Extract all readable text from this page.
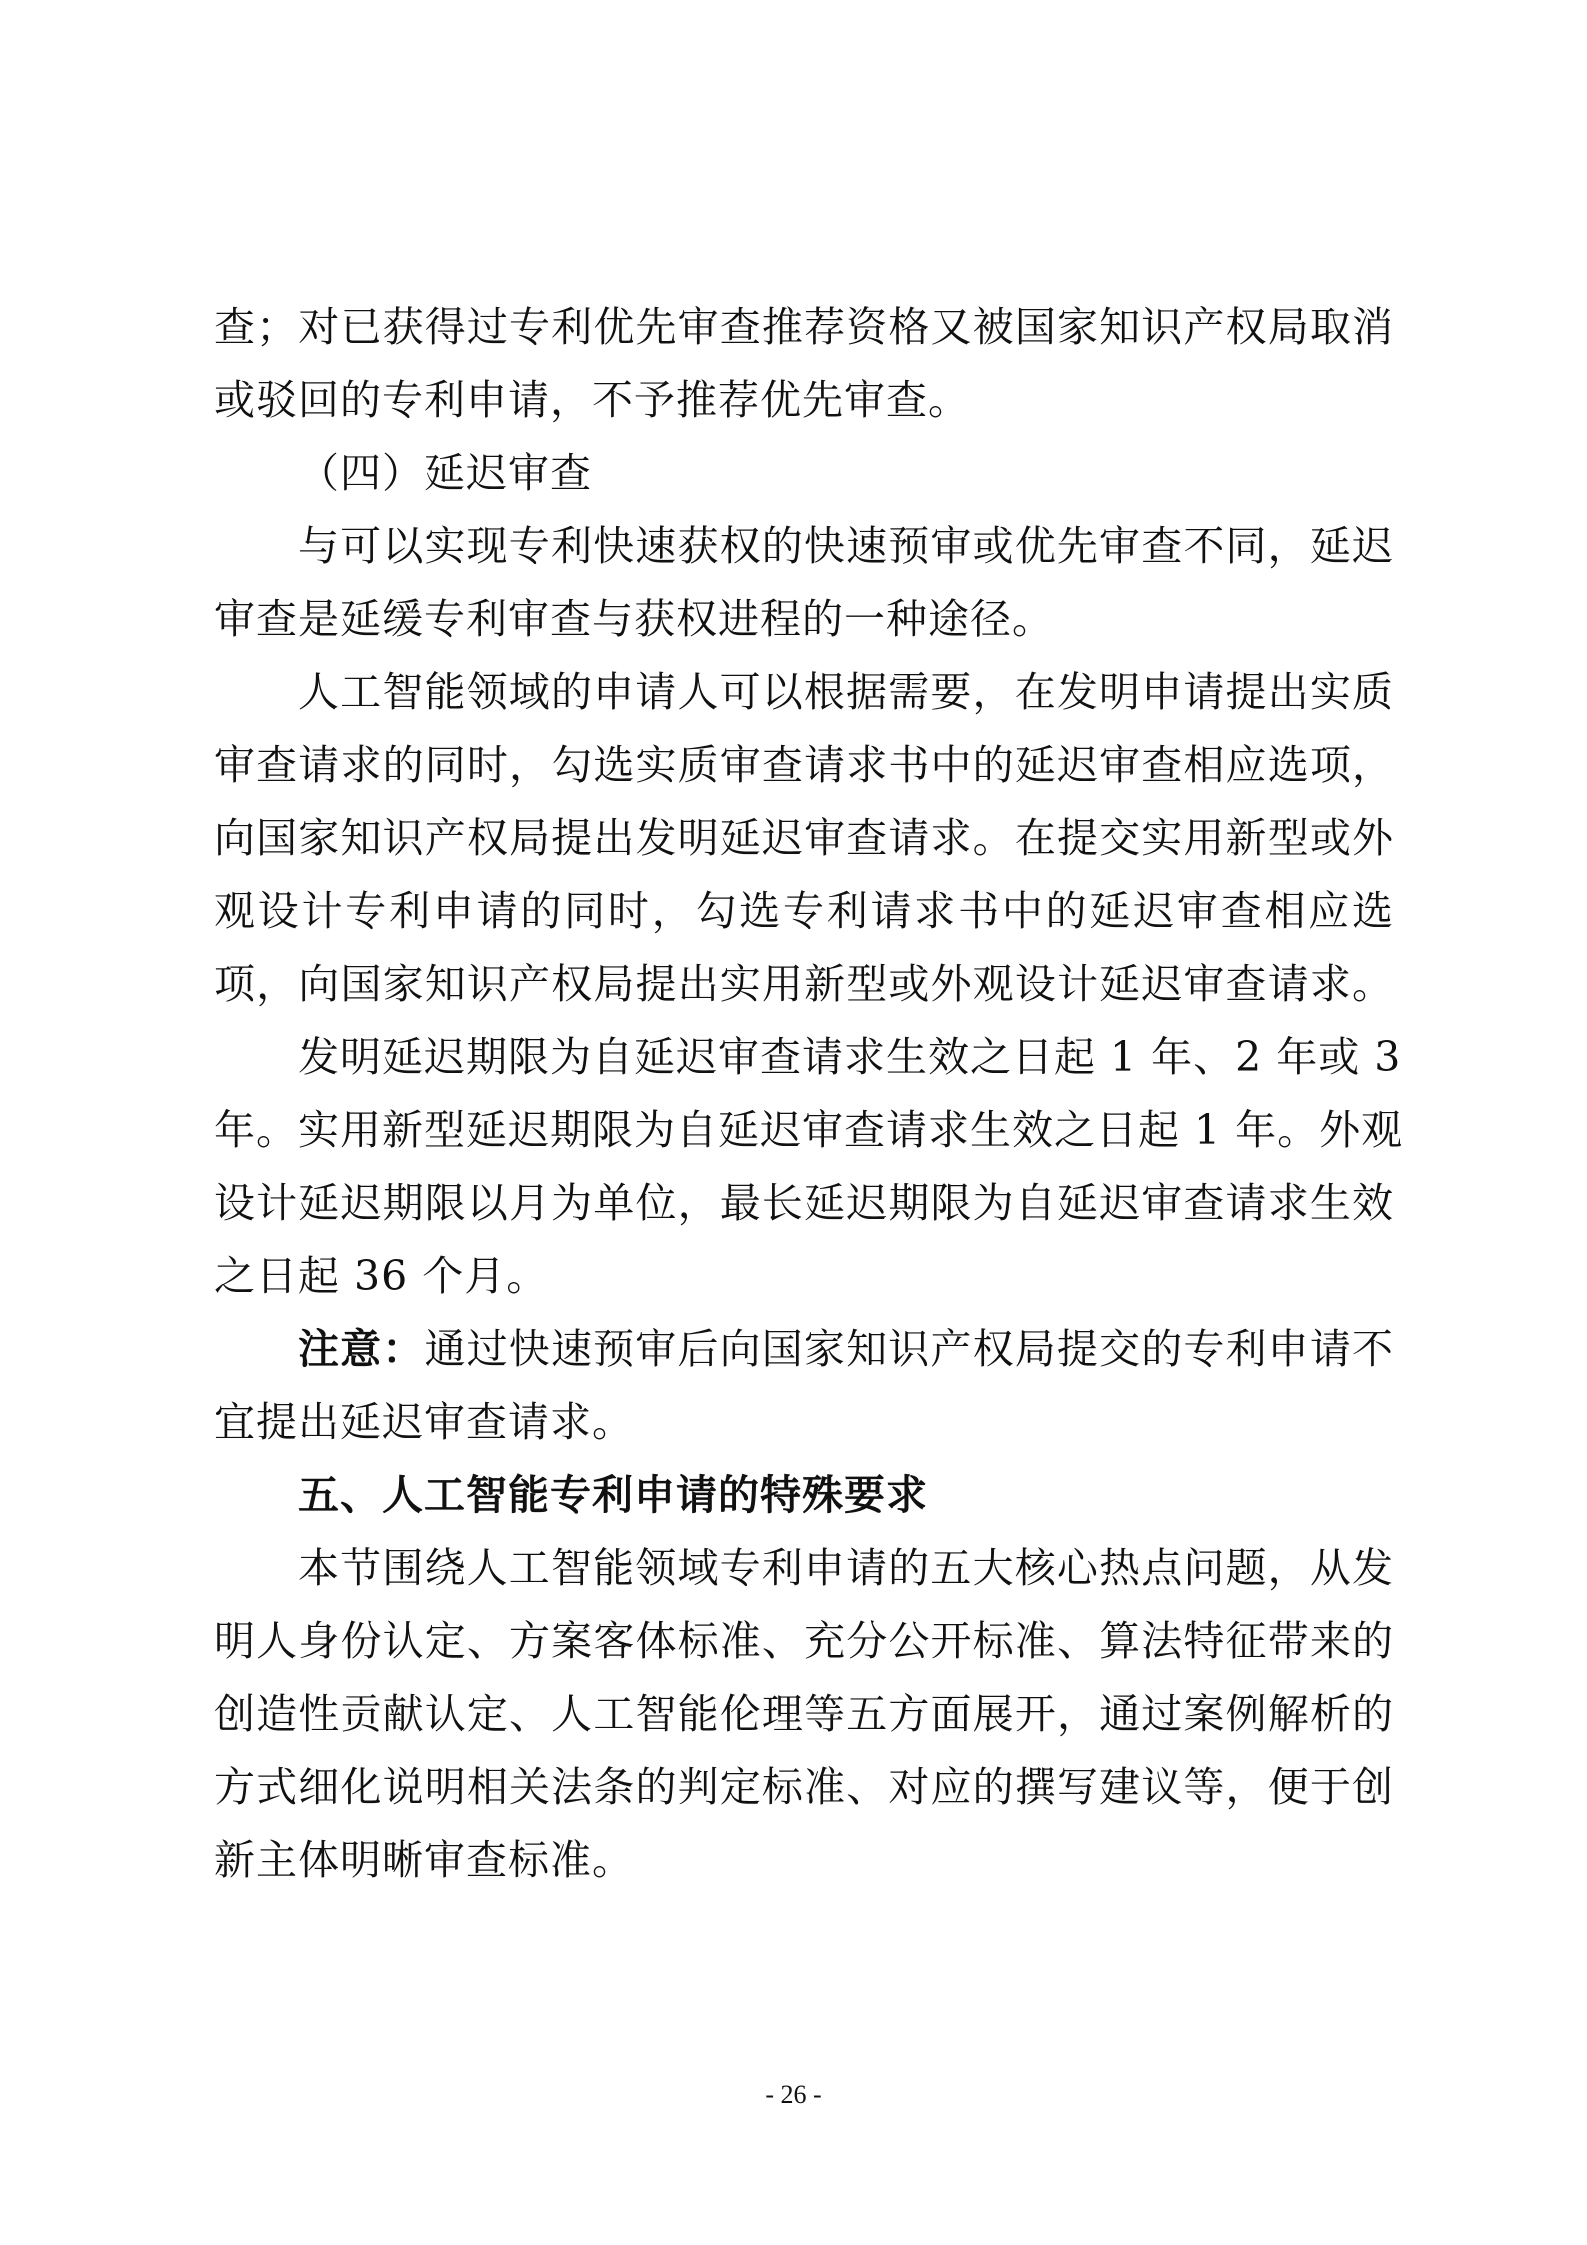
查；对已获得过专利优先审查推荐资格又被国家知识产权局取消
或驳回的专利申请，不予推荐优先审查。
（四）延迟审查
与可以实现专利快速获权的快速预审或优先审查不同，延迟
审查是延缓专利审查与获权进程的一种途径。
人工智能领域的申请人可以根据需要，在发明申请提出实质
审查请求的同时，勾选实质审查请求书中的延迟审查相应选项，
向国家知识产权局提出发明延迟审查请求。在提交实用新型或外
观设计专利申请的同时，勾选专利请求书中的延迟审查相应选
项，向国家知识产权局提出实用新型或外观设计延迟审查请求。
发明延迟期限为自延迟审查请求生效之日起 1 年、2 年或 3
年。实用新型延迟期限为自延迟审查请求生效之日起 1 年。外观
设计延迟期限以月为单位，最长延迟期限为自延迟审查请求生效
之日起 36 个月。
注意：通过快速预审后向国家知识产权局提交的专利申请不
宜提出延迟审查请求。
五、人工智能专利申请的特殊要求
本节围绕人工智能领域专利申请的五大核心热点问题，从发
明人身份认定、方案客体标准、充分公开标准、算法特征带来的
创造性贡献认定、人工智能伦理等五方面展开，通过案例解析的
方式细化说明相关法条的判定标准、对应的撰写建议等，便于创
新主体明晰审查标准。
- 26 -
